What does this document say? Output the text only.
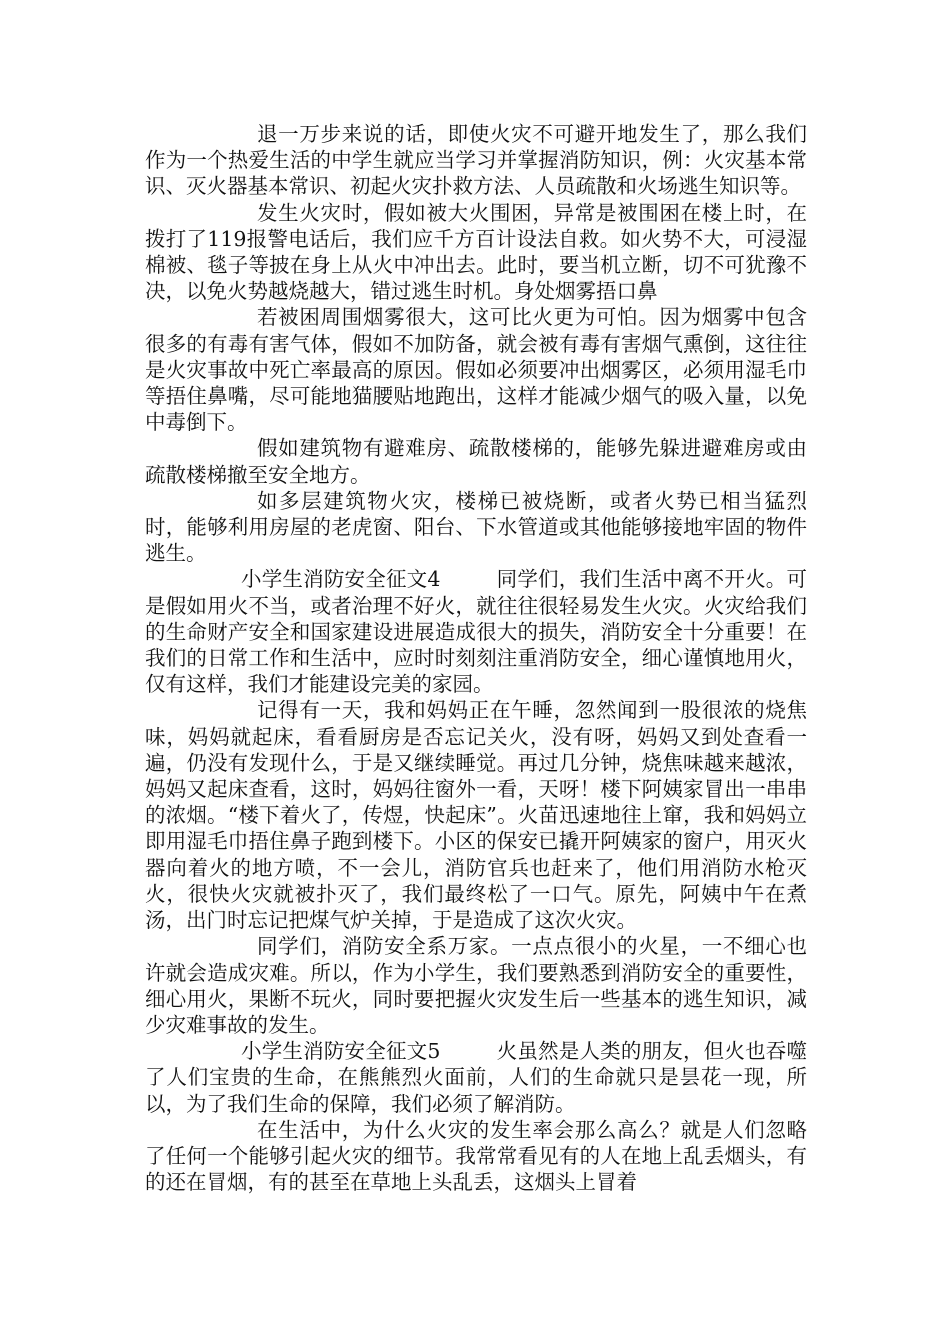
退一万步来说的话，即使火灾不可避开地发生了，那么我们作为一个热爱生活的中学生就应当学习并掌握消防知识，例：火灾基本常识、灭火器基本常识、初起火灾扑救方法、人员疏散和火场逃生知识等。

发生火灾时，假如被大火围困，异常是被围困在楼上时，在拨打了119报警电话后，我们应千方百计设法自救。如火势不大，可浸湿棉被、毯子等披在身上从火中冲出去。此时，要当机立断，切不可犹豫不决，以免火势越烧越大，错过逃生时机。身处烟雾捂口鼻

若被困周围烟雾很大，这可比火更为可怕。因为烟雾中包含很多的有毒有害气体，假如不加防备，就会被有毒有害烟气熏倒，这往往是火灾事故中死亡率最高的原因。假如必须要冲出烟雾区，必须用湿毛巾等捂住鼻嘴，尽可能地猫腰贴地跑出，这样才能减少烟气的吸入量，以免中毒倒下。

假如建筑物有避难房、疏散楼梯的，能够先躲进避难房或由疏散楼梯撤至安全地方。

如多层建筑物火灾，楼梯已被烧断，或者火势已相当猛烈时，能够利用房屋的老虎窗、阳台、下水管道或其他能够接地牢固的物件逃生。

小学生消防安全征文4	同学们，我们生活中离不开火。可是假如用火不当，或者治理不好火，就往往很轻易发生火灾。火灾给我们的生命财产安全和国家建设进展造成很大的损失，消防安全十分重要！在我们的日常工作和生活中，应时时刻刻注重消防安全，细心谨慎地用火，仅有这样，我们才能建设完美的家园。

记得有一天，我和妈妈正在午睡，忽然闻到一股很浓的烧焦味，妈妈就起床，看看厨房是否忘记关火，没有呀，妈妈又到处查看一遍，仍没有发现什么，于是又继续睡觉。再过几分钟，烧焦味越来越浓，妈妈又起床查看，这时，妈妈往窗外一看，天呀！楼下阿姨家冒出一串串的浓烟。“楼下着火了，传煜，快起床”。火苗迅速地往上窜，我和妈妈立即用湿毛巾捂住鼻子跑到楼下。小区的保安已撬开阿姨家的窗户，用灭火器向着火的地方喷，不一会儿，消防官兵也赶来了，他们用消防水枪灭火，很快火灾就被扑灭了，我们最终松了一口气。原先，阿姨中午在煮汤，出门时忘记把煤气炉关掉，于是造成了这次火灾。

同学们，消防安全系万家。一点点很小的火星，一不细心也许就会造成灾难。所以，作为小学生，我们要熟悉到消防安全的重要性，细心用火，果断不玩火，同时要把握火灾发生后一些基本的逃生知识，减少灾难事故的发生。

小学生消防安全征文5	火虽然是人类的朋友，但火也吞噬了人们宝贵的生命，在熊熊烈火面前，人们的生命就只是昙花一现，所以，为了我们生命的保障，我们必须了解消防。

在生活中，为什么火灾的发生率会那么高么？就是人们忽略了任何一个能够引起火灾的细节。我常常看见有的人在地上乱丢烟头，有的还在冒烟，有的甚至在草地上头乱丢，这烟头上冒着
